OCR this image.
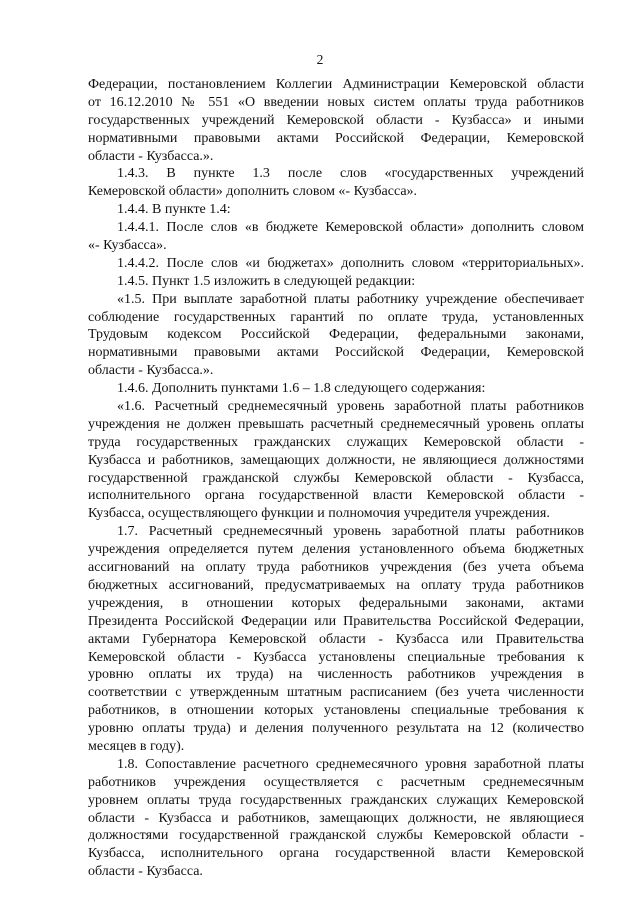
2
Федерации, постановлением Коллегии Администрации Кемеровской области
от 16.12.2010 № 551 «О введении новых систем оплаты труда работников
государственных учреждений Кемеровской области - Кузбасса» и иными
нормативными правовыми актами Российской Федерации, Кемеровской
области - Кузбасса.».
1.4.3. В пункте 1.3 после слов «государственных учреждений
Кемеровской области» дополнить словом «- Кузбасса».
1.4.4. В пункте 1.4:
1.4.4.1. После слов «в бюджете Кемеровской области» дополнить словом
«- Кузбасса».
1.4.4.2. После слов «и бюджетах» дополнить словом «территориальных».
1.4.5. Пункт 1.5 изложить в следующей редакции:
«1.5. При выплате заработной платы работнику учреждение обеспечивает
соблюдение государственных гарантий по оплате труда, установленных
Трудовым кодексом Российской Федерации, федеральными законами,
нормативными правовыми актами Российской Федерации, Кемеровской
области - Кузбасса.».
1.4.6. Дополнить пунктами 1.6 – 1.8 следующего содержания:
«1.6. Расчетный среднемесячный уровень заработной платы работников
учреждения не должен превышать расчетный среднемесячный уровень оплаты
труда государственных гражданских служащих Кемеровской области -
Кузбасса и работников, замещающих должности, не являющиеся должностями
государственной гражданской службы Кемеровской области - Кузбасса,
исполнительного органа государственной власти Кемеровской области -
Кузбасса, осуществляющего функции и полномочия учредителя учреждения.
1.7. Расчетный среднемесячный уровень заработной платы работников
учреждения определяется путем деления установленного объема бюджетных
ассигнований на оплату труда работников учреждения (без учета объема
бюджетных ассигнований, предусматриваемых на оплату труда работников
учреждения, в отношении которых федеральными законами, актами
Президента Российской Федерации или Правительства Российской Федерации,
актами Губернатора Кемеровской области - Кузбасса или Правительства
Кемеровской области - Кузбасса установлены специальные требования к
уровню оплаты их труда) на численность работников учреждения в
соответствии с утвержденным штатным расписанием (без учета численности
работников, в отношении которых установлены специальные требования к
уровню оплаты труда) и деления полученного результата на 12 (количество
месяцев в году).
1.8. Сопоставление расчетного среднемесячного уровня заработной платы
работников учреждения осуществляется с расчетным среднемесячным
уровнем оплаты труда государственных гражданских служащих Кемеровской
области - Кузбасса и работников, замещающих должности, не являющиеся
должностями государственной гражданской службы Кемеровской области -
Кузбасса, исполнительного органа государственной власти Кемеровской
области - Кузбасса.
